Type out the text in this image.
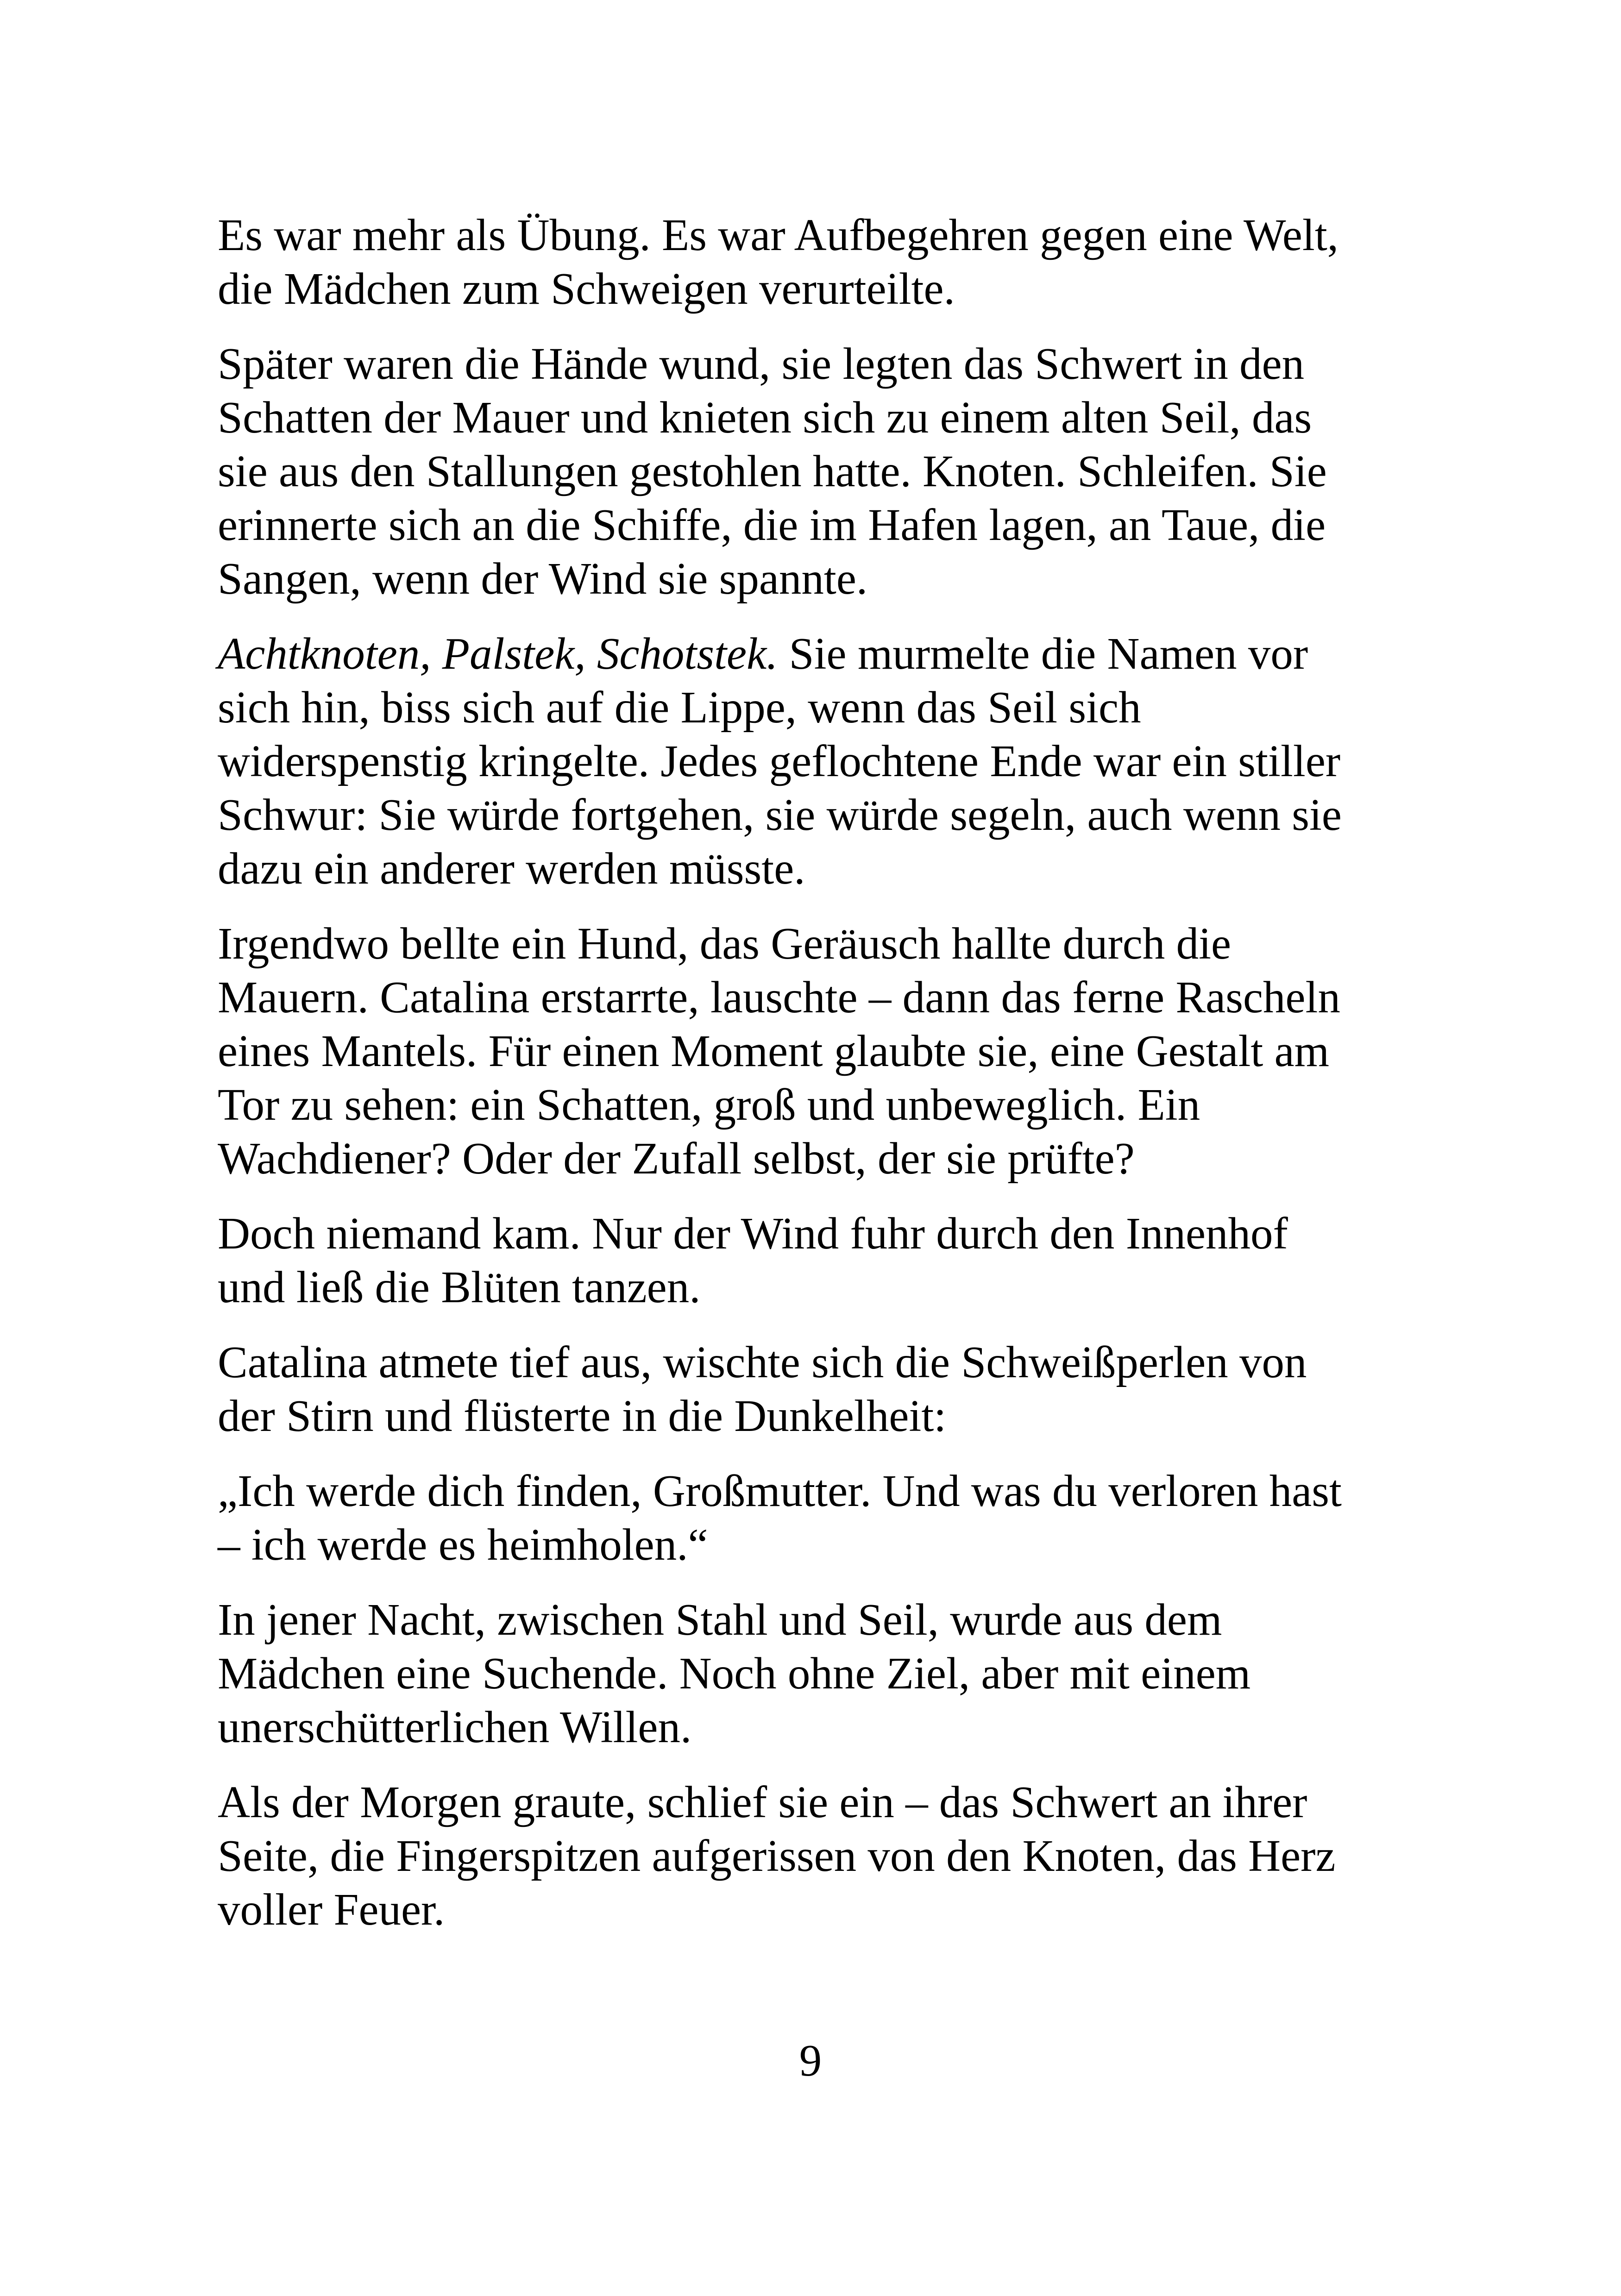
Es war mehr als Übung. Es war Aufbegehren gegen eine Welt,
die Mädchen zum Schweigen verurteilte.

Später waren die Hände wund, sie legten das Schwert in den
Schatten der Mauer und knieten sich zu einem alten Seil, das
sie aus den Stallungen gestohlen hatte. Knoten. Schleifen. Sie
erinnerte sich an die Schiffe, die im Hafen lagen, an Taue, die
Sangen, wenn der Wind sie spannte.

Achtknoten, Palstek, Schotstek. Sie murmelte die Namen vor
sich hin, biss sich auf die Lippe, wenn das Seil sich
widerspenstig kringelte. Jedes geflochtene Ende war ein stiller
Schwur: Sie würde fortgehen, sie würde segeln, auch wenn sie
dazu ein anderer werden müsste.

Irgendwo bellte ein Hund, das Geräusch hallte durch die
Mauern. Catalina erstarrte, lauschte – dann das ferne Rascheln
eines Mantels. Für einen Moment glaubte sie, eine Gestalt am
Tor zu sehen: ein Schatten, groß und unbeweglich. Ein
Wachdiener? Oder der Zufall selbst, der sie prüfte?

Doch niemand kam. Nur der Wind fuhr durch den Innenhof
und ließ die Blüten tanzen.

Catalina atmete tief aus, wischte sich die Schweißperlen von
der Stirn und flüsterte in die Dunkelheit:

„Ich werde dich finden, Großmutter. Und was du verloren hast
– ich werde es heimholen.“

In jener Nacht, zwischen Stahl und Seil, wurde aus dem
Mädchen eine Suchende. Noch ohne Ziel, aber mit einem
unerschütterlichen Willen.

Als der Morgen graute, schlief sie ein – das Schwert an ihrer
Seite, die Fingerspitzen aufgerissen von den Knoten, das Herz
voller Feuer.

9
